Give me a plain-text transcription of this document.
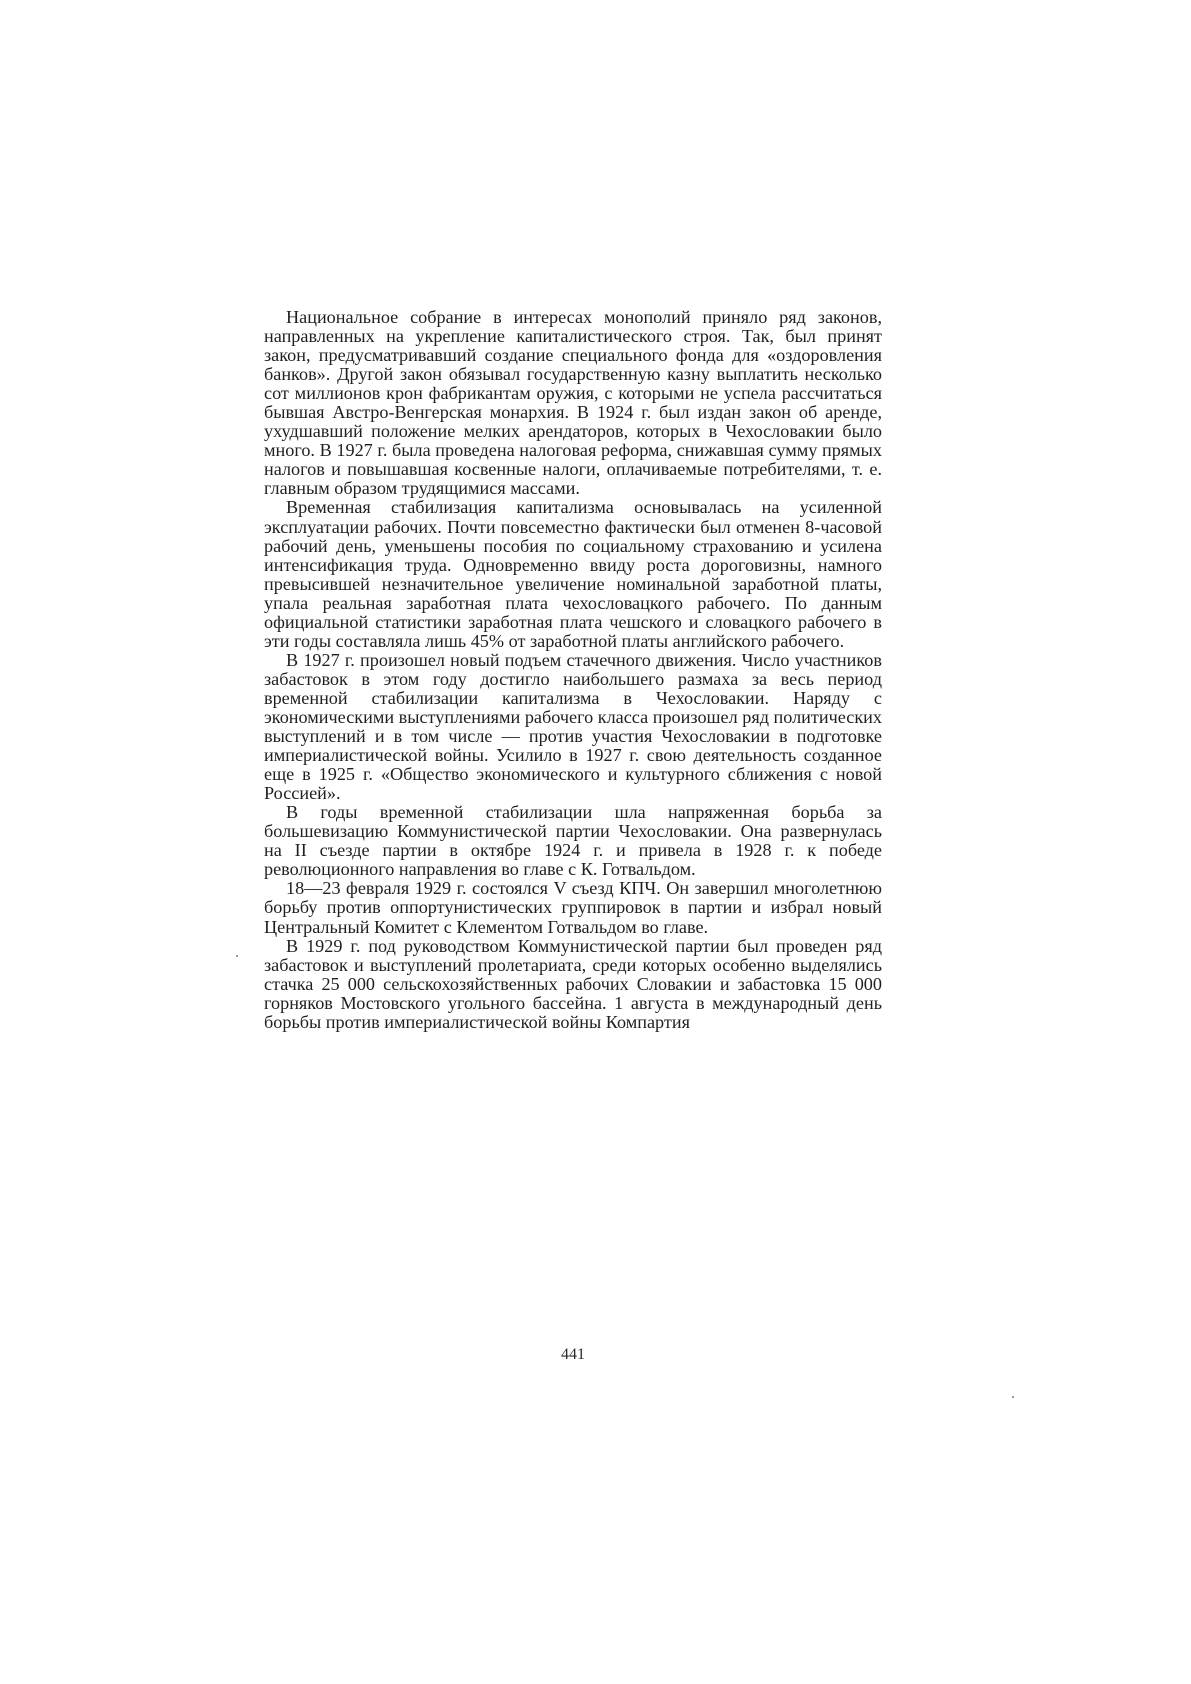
Национальное собрание в интересах монополий приняло ряд законов, направленных на укрепление капиталистического строя. Так, был принят закон, предусматривавший создание специального фонда для «оздоровления банков». Другой закон обязывал государственную казну выплатить несколько сот миллионов крон фабрикантам оружия, с которыми не успела рассчитаться бывшая Австро-Венгерская монархия. В 1924 г. был издан закон об аренде, ухудшавший положение мелких арендаторов, которых в Чехословакии было много. В 1927 г. была проведена налоговая реформа, снижавшая сумму прямых налогов и повышавшая косвенные налоги, оплачиваемые потребителями, т. е. главным образом трудящимися массами.

Временная стабилизация капитализма основывалась на усиленной эксплуатации рабочих. Почти повсеместно фактически был отменен 8-часовой рабочий день, уменьшены пособия по социальному страхованию и усилена интенсификация труда. Одновременно ввиду роста дороговизны, намного превысившей незначительное увеличение номинальной заработной платы, упала реальная заработная плата чехословацкого рабочего. По данным официальной статистики заработная плата чешского и словацкого рабочего в эти годы составляла лишь 45% от заработной платы английского рабочего.

В 1927 г. произошел новый подъем стачечного движения. Число участников забастовок в этом году достигло наибольшего размаха за весь период временной стабилизации капитализма в Чехословакии. Наряду с экономическими выступлениями рабочего класса произошел ряд политических выступлений и в том числе — против участия Чехословакии в подготовке империалистической войны. Усилило в 1927 г. свою деятельность созданное еще в 1925 г. «Общество экономического и культурного сближения с новой Россией».

В годы временной стабилизации шла напряженная борьба за большевизацию Коммунистической партии Чехословакии. Она развернулась на II съезде партии в октябре 1924 г. и привела в 1928 г. к победе революционного направления во главе с К. Готвальдом.

18—23 февраля 1929 г. состоялся V съезд КПЧ. Он завершил многолетнюю борьбу против оппортунистических группировок в партии и избрал новый Центральный Комитет с Клементом Готвальдом во главе.

В 1929 г. под руководством Коммунистической партии был проведен ряд забастовок и выступлений пролетариата, среди которых особенно выделялись стачка 25 000 сельскохозяйственных рабочих Словакии и забастовка 15 000 горняков Мостовского угольного бассейна. 1 августа в международный день борьбы против империалистической войны Компартия

441
